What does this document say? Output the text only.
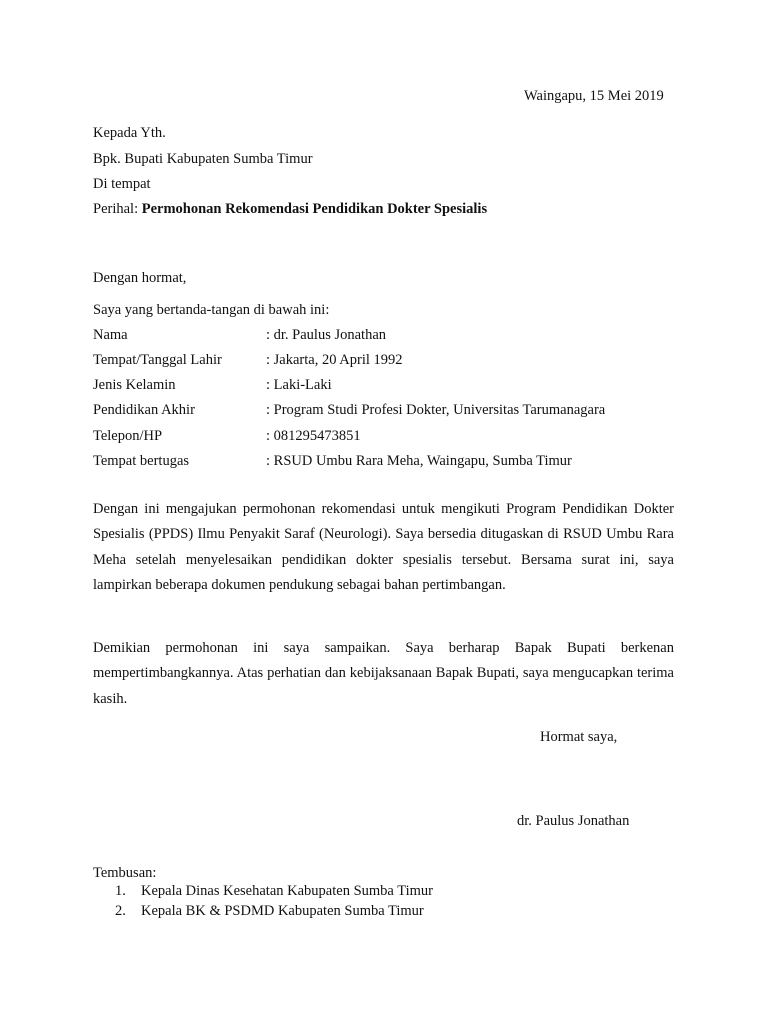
Waingapu, 15 Mei 2019
Kepada Yth.
Bpk. Bupati Kabupaten Sumba Timur
Di tempat
Perihal: Permohonan Rekomendasi Pendidikan Dokter Spesialis
Dengan hormat,
Saya yang bertanda-tangan di bawah ini:
Nama	: dr. Paulus Jonathan
Tempat/Tanggal Lahir	: Jakarta, 20 April 1992
Jenis Kelamin	: Laki-Laki
Pendidikan Akhir	: Program Studi Profesi Dokter, Universitas Tarumanagara
Telepon/HP	: 081295473851
Tempat bertugas	: RSUD Umbu Rara Meha, Waingapu, Sumba Timur
Dengan ini mengajukan permohonan rekomendasi untuk mengikuti Program Pendidikan Dokter Spesialis (PPDS) Ilmu Penyakit Saraf (Neurologi). Saya bersedia ditugaskan di RSUD Umbu Rara Meha setelah menyelesaikan pendidikan dokter spesialis tersebut. Bersama surat ini, saya lampirkan beberapa dokumen pendukung sebagai bahan pertimbangan.
Demikian permohonan ini saya sampaikan. Saya berharap Bapak Bupati berkenan mempertimbangkannya. Atas perhatian dan kebijaksanaan Bapak Bupati, saya mengucapkan terima kasih.
Hormat saya,
dr. Paulus Jonathan
Tembusan:
1. Kepala Dinas Kesehatan Kabupaten Sumba Timur
2. Kepala BK & PSDMD Kabupaten Sumba Timur
